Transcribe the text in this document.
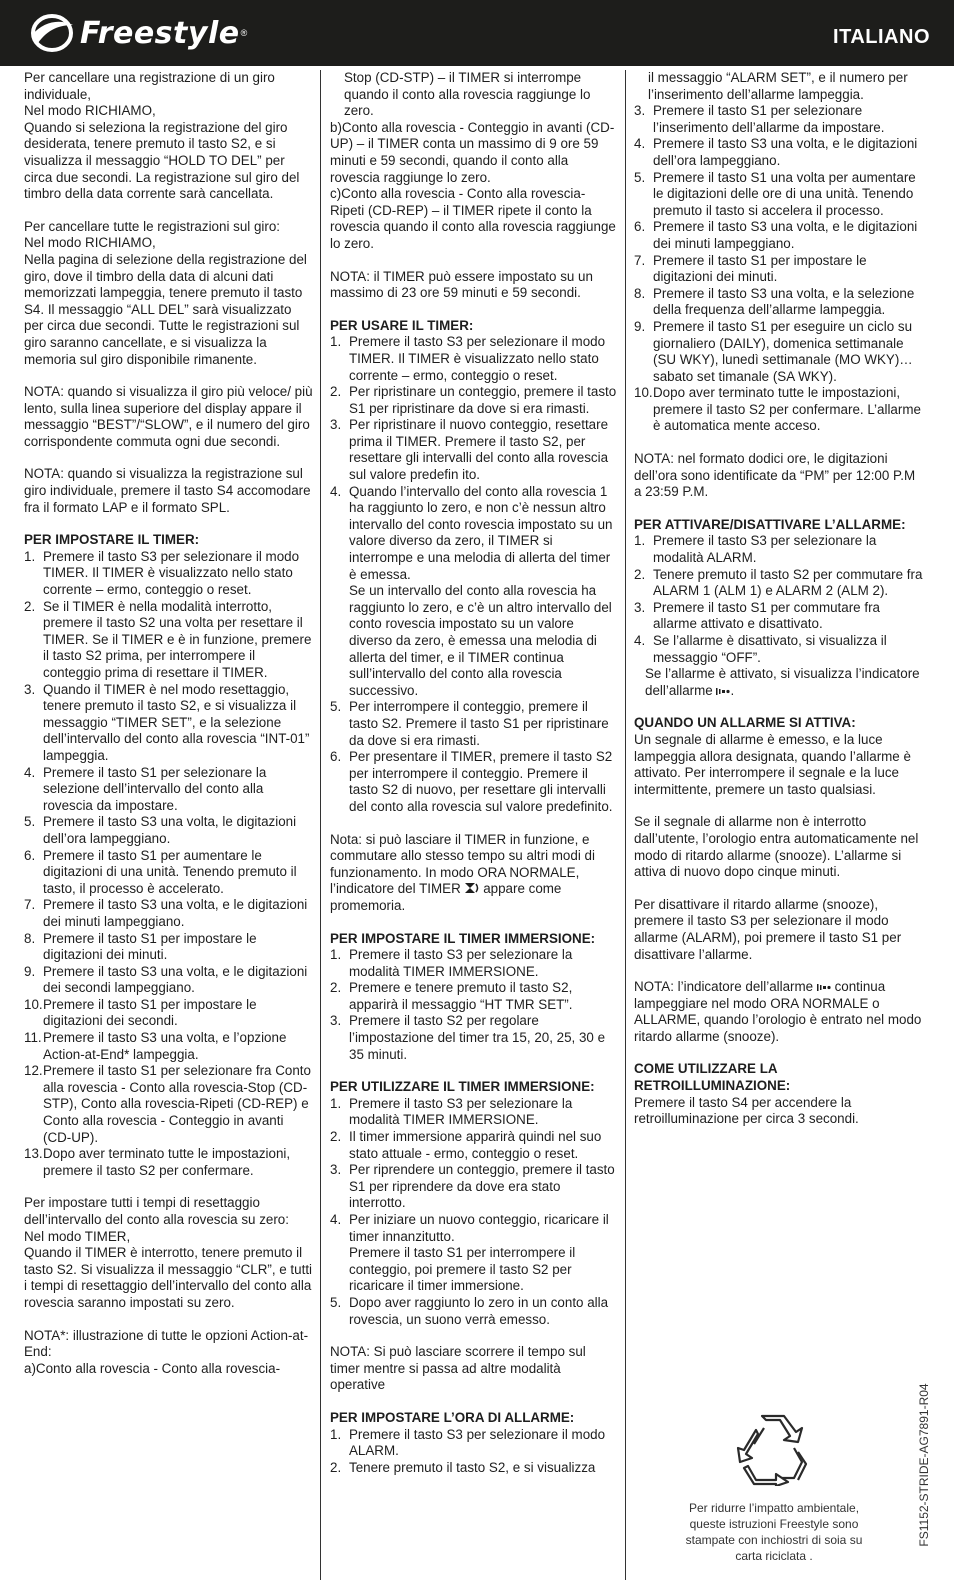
Freestyle ®	ITALIANO

Per cancellare una registrazione di un giro individuale,
Nel modo RICHIAMO,
Quando si seleziona la registrazione del giro desiderata, tenere premuto il tasto S2, e si visualizza il messaggio “HOLD TO DEL” per circa due secondi. La registrazione sul giro del timbro della data corrente sarà cancellata.

Per cancellare tutte le registrazioni sul giro:
Nel modo RICHIAMO,
Nella pagina di selezione della registrazione del giro, dove il timbro della data di alcuni dati memorizzati lampeggia, tenere premuto il tasto S4. Il messaggio “ALL DEL” sarà visualizzato per circa due secondi. Tutte le registrazioni sul giro saranno cancellate, e si visualizza la memoria sul giro disponibile rimanente.

NOTA: quando si visualizza il giro più veloce/ più lento, sulla linea superiore del display appare il messaggio “BEST”/“SLOW”, e il numero del giro corrispondente commuta ogni due secondi.

NOTA: quando si visualizza la registrazione sul giro individuale, premere il tasto S4 accomodare fra il formato LAP e il formato SPL.

PER IMPOSTARE IL TIMER:
1. Premere il tasto S3 per selezionare il modo TIMER. Il TIMER è visualizzato nello stato corrente – ermo, conteggio o reset.
2. Se il TIMER è nella modalità interrotto, premere il tasto S2 una volta per resettare il TIMER. Se il TIMER e è in funzione, premere il tasto S2 prima, per interrompere il conteggio prima di resettare il TIMER.
3. Quando il TIMER è nel modo resettaggio, tenere premuto il tasto S2, e si visualizza il messaggio “TIMER SET”, e la selezione dell’intervallo del conto alla rovescia “INT-01” lampeggia.
4. Premere il tasto S1 per selezionare la selezione dell’intervallo del conto alla rovescia da impostare.
5. Premere il tasto S3 una volta, le digitazioni dell’ora lampeggiano.
6. Premere il tasto S1 per aumentare le digitazioni di una unità. Tenendo premuto il tasto, il processo è accelerato.
7. Premere il tasto S3 una volta, e le digitazioni dei minuti lampeggiano.
8. Premere il tasto S1 per impostare le digitazioni dei minuti.
9. Premere il tasto S3 una volta, e le digitazioni dei secondi lampeggiano.
10. Premere il tasto S1 per impostare le digitazioni dei secondi.
11. Premere il tasto S3 una volta, e l’opzione Action-at-End* lampeggia.
12. Premere il tasto S1 per selezionare fra Conto alla rovescia - Conto alla rovescia-Stop (CD-STP), Conto alla rovescia-Ripeti (CD-REP) e Conto alla rovescia - Conteggio in avanti (CD-UP).
13. Dopo aver terminato tutte le impostazioni, premere il tasto S2 per confermare.

Per impostare tutti i tempi di resettaggio dell’intervallo del conto alla rovescia su zero:
Nel modo TIMER,
Quando il TIMER è interrotto, tenere premuto il tasto S2. Si visualizza il messaggio “CLR”, e tutti i tempi di resettaggio dell’intervallo del conto alla rovescia saranno impostati su zero.

NOTA*: illustrazione di tutte le opzioni Action-at-End:
a)Conto alla rovescia - Conto alla rovescia-

Stop (CD-STP) – il TIMER si interrompe quando il conto alla rovescia raggiunge lo zero.
b)Conto alla rovescia - Conteggio in avanti (CD-UP) – il TIMER conta un massimo di 9 ore 59 minuti e 59 secondi, quando il conto alla rovescia raggiunge lo zero.

c)Conto alla rovescia - Conto alla rovescia-Ripeti (CD-REP) – il TIMER ripete il conto la rovescia quando il conto alla rovescia raggiunge lo zero.

NOTA: il TIMER può essere impostato su un massimo di 23 ore 59 minuti e 59 secondi.

PER USARE IL TIMER:
1. Premere il tasto S3 per selezionare il modo TIMER. Il TIMER è visualizzato nello stato corrente – ermo, conteggio o reset.
2. Per ripristinare un conteggio, premere il tasto S1 per ripristinare da dove si era rimasti.
3. Per ripristinare il nuovo conteggio, resettare prima il TIMER. Premere il tasto S2, per resettare gli intervalli del conto alla rovescia sul valore predefin ito.
4. Quando l’intervallo del conto alla rovescia 1 ha raggiunto lo zero, e non c’è nessun altro intervallo del conto rovescia impostato su un valore diverso da zero, il TIMER si interrompe e una melodia di allerta del timer è emessa.
Se un intervallo del conto alla rovescia ha raggiunto lo zero, e c’è un altro intervallo del conto rovescia impostato su un valore diverso da zero, è emessa una melodia di allerta del timer, e il TIMER continua sull’intervallo del conto alla rovescia successivo.
5. Per interrompere il conteggio, premere il tasto S2. Premere il tasto S1 per ripristinare da dove si era rimasti.
6. Per presentare il TIMER, premere il tasto S2 per interrompere il conteggio. Premere il tasto S2 di nuovo, per resettare gli intervalli del conto alla rovescia sul valore predefinito.

Nota: si può lasciare il TIMER in funzione, e commutare allo stesso tempo su altri modi di funzionamento. In modo ORA NORMALE, l’indicatore del TIMER appare come promemoria.

PER IMPOSTARE IL TIMER IMMERSIONE:
1. Premere il tasto S3 per selezionare la modalità TIMER IMMERSIONE.
2. Premere e tenere premuto il tasto S2, apparirà il messaggio “HT TMR SET”.
3. Premere il tasto S2 per regolare l’impostazione del timer tra 15, 20, 25, 30 e 35 minuti.
PER UTILIZZARE IL TIMER IMMERSIONE:
1. Premere il tasto S3 per selezionare la modalità TIMER IMMERSIONE.
2. Il timer immersione apparirà quindi nel suo stato attuale - ermo, conteggio o reset.
3. Per riprendere un conteggio, premere il tasto S1 per riprendere da dove era stato interrotto.
4. Per iniziare un nuovo conteggio, ricaricare il timer innanzitutto.
Premere il tasto S1 per interrompere il conteggio, poi premere il tasto S2 per ricaricare il timer immersione.
5. Dopo aver raggiunto lo zero in un conto alla rovescia, un suono verrà emesso.

NOTA: Si può lasciare scorrere il tempo sul timer mentre si passa ad altre modalità operative

PER IMPOSTARE L’ORA DI ALLARME:
1. Premere il tasto S3 per selezionare il modo ALARM.
2. Tenere premuto il tasto S2, e si visualizza
il messaggio “ALARM SET”, e il numero per l’inserimento dell’allarme lampeggia.
3. Premere il tasto S1 per selezionare l’inserimento dell’allarme da impostare.
4. Premere il tasto S3 una volta, e le digitazioni dell’ora lampeggiano.
5. Premere il tasto S1 una volta per aumentare le digitazioni delle ore di una unità. Tenendo premuto il tasto si accelera il processo.
6. Premere il tasto S3 una volta, e le digitazioni dei minuti lampeggiano.
7. Premere il tasto S1 per impostare le digitazioni dei minuti.
8. Premere il tasto S3 una volta, e la selezione della frequenza dell’allarme lampeggia.
9. Premere il tasto S1 per eseguire un ciclo su giornaliero (DAILY), domenica settimanale (SU WKY), lunedì settimanale (MO WKY)… sabato set timanale (SA WKY).
10. Dopo aver terminato tutte le impostazioni, premere il tasto S2 per confermare. L’allarme è automatica mente acceso.

NOTA: nel formato dodici ore, le digitazioni dell’ora sono identificate da “PM” per 12:00 P.M a 23:59 P.M.

PER ATTIVARE/DISATTIVARE L’ALLARME:
1. Premere il tasto S3 per selezionare la modalità ALARM.
2. Tenere premuto il tasto S2 per commutare fra ALARM 1 (ALM 1) e ALARM 2 (ALM 2).
3. Premere il tasto S1 per commutare fra allarme attivato e disattivato.
4. Se l’allarme è disattivato, si visualizza il messaggio “OFF”.
Se l’allarme è attivato, si visualizza l’indicatore dell’allarme .
QUANDO UN ALLARME SI ATTIVA:

Un segnale di allarme è emesso, e la luce lampeggia allora designata, quando l’allarme è attivato. Per interrompere il segnale e la luce intermittente, premere un tasto qualsiasi.

Se il segnale di allarme non è interrotto dall’utente, l’orologio entra automaticamente nel modo di ritardo allarme (snooze). L’allarme si attiva di nuovo dopo cinque minuti.

Per disattivare il ritardo allarme (snooze), premere il tasto S3 per selezionare il modo allarme (ALARM), poi premere il tasto S1 per disattivare l’allarme.

NOTA: l’indicatore dell’allarme continua lampeggiare nel modo ORA NORMALE o ALLARME, quando l’orologio è entrato nel modo ritardo allarme (snooze).

COME UTILIZZARE LA RETROILLUMINAZIONE:
Premere il tasto S4 per accendere la retroilluminazione per circa 3 secondi.
Per ridurre l’impatto ambientale, queste istruzioni Freestyle sono stampate con inchiostri di soia su carta riciclata .
FS1152-STRIDE-AG7891-R04
